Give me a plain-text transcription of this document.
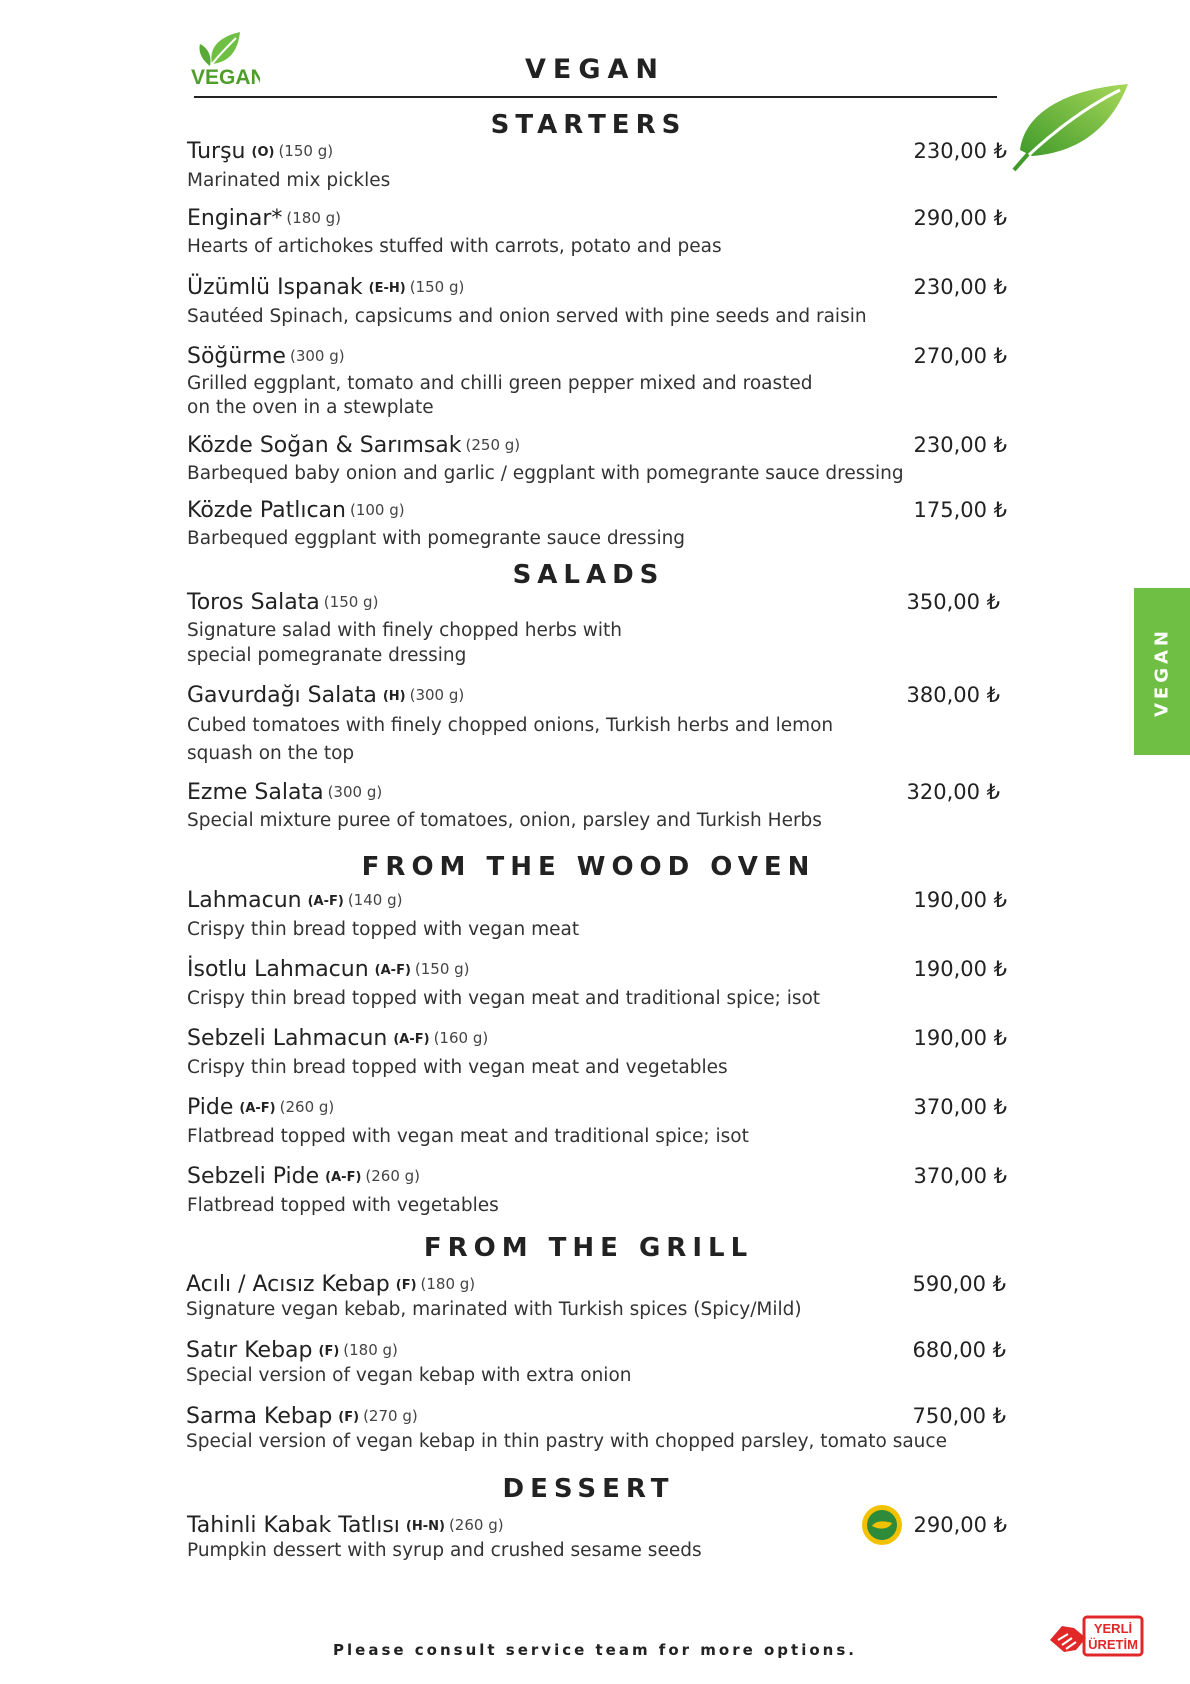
VEGAN	VEGAN
STARTERS
Turşu (O) (150 g)
Marinated mix pickles
230,00 ₺
Enginar* (180 g)
Hearts of artichokes stuffed with carrots, potato and peas
290,00 ₺
Üzümlü Ispanak (E-H) (150 g)
Sautéed Spinach, capsicums and onion served with pine seeds and raisin
230,00 ₺
Söğürme (300 g)
Grilled eggplant, tomato and chilli green pepper mixed and roasted
on the oven in a stewplate
270,00 ₺
Közde Soğan & Sarımsak (250 g)
Barbequed baby onion and garlic / eggplant with pomegrante sauce dressing
230,00 ₺
Közde Patlıcan (100 g)
Barbequed eggplant with pomegrante sauce dressing
175,00 ₺
SALADS
Toros Salata (150 g)
Signature salad with finely chopped herbs with
special pomegranate dressing
350,00 ₺
Gavurdağı Salata (H) (300 g)
Cubed tomatoes with finely chopped onions, Turkish herbs and lemon
squash on the top
380,00 ₺
Ezme Salata (300 g)
Special mixture puree of tomatoes, onion, parsley and Turkish Herbs
320,00 ₺
FROM THE WOOD OVEN
Lahmacun (A-F) (140 g)
Crispy thin bread topped with vegan meat
190,00 ₺
İsotlu Lahmacun (A-F) (150 g)
Crispy thin bread topped with vegan meat and traditional spice; isot
190,00 ₺
Sebzeli Lahmacun (A-F) (160 g)
Crispy thin bread topped with vegan meat and vegetables
190,00 ₺
Pide (A-F) (260 g)
Flatbread topped with vegan meat and traditional spice; isot
370,00 ₺
Sebzeli Pide (A-F) (260 g)
Flatbread topped with vegetables
370,00 ₺
FROM THE GRILL
Acılı / Acısız Kebap (F) (180 g)
Signature vegan kebab, marinated with Turkish spices (Spicy/Mild)
590,00 ₺
Satır Kebap (F) (180 g)
Special version of vegan kebap with extra onion
680,00 ₺
Sarma Kebap (F) (270 g)
Special version of vegan kebap in thin pastry with chopped parsley, tomato sauce
750,00 ₺
DESSERT
Tahinli Kabak Tatlısı (H-N) (260 g)
Pumpkin dessert with syrup and crushed sesame seeds
290,00 ₺
VEGAN
Please consult service team for more options.
YERLİ
ÜRETİM
